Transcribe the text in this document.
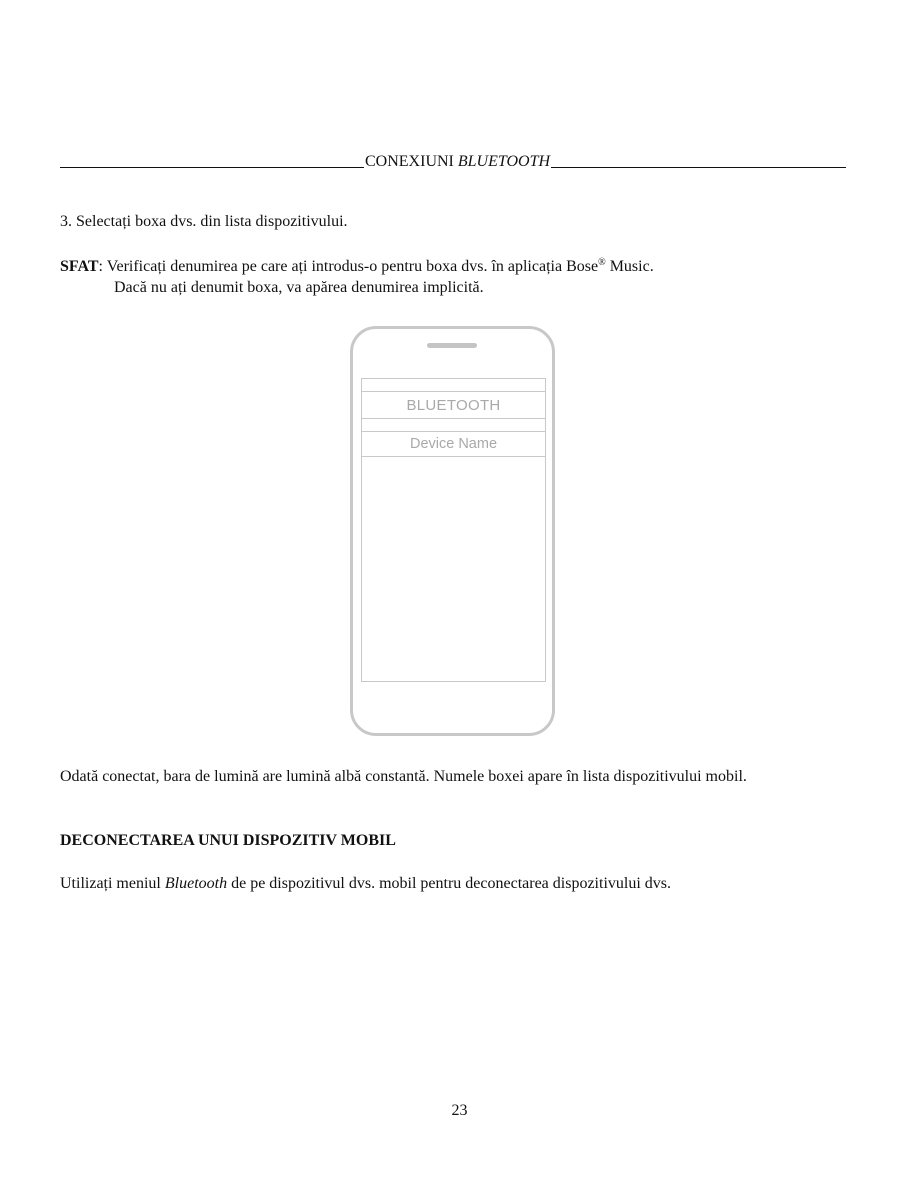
CONEXIUNI BLUETOOTH
3. Selectați boxa dvs. din lista dispozitivului.
SFAT: Verificați denumirea pe care ați introdus-o pentru boxa dvs. în aplicația Bose® Music.
Dacă nu ați denumit boxa, va apărea denumirea implicită.
BLUETOOTH
Device Name
Odată conectat, bara de lumină are lumină albă constantă. Numele boxei apare în lista dispozitivului mobil.
DECONECTAREA UNUI DISPOZITIV MOBIL
Utilizați meniul Bluetooth de pe dispozitivul dvs. mobil pentru deconectarea dispozitivului dvs.
23
